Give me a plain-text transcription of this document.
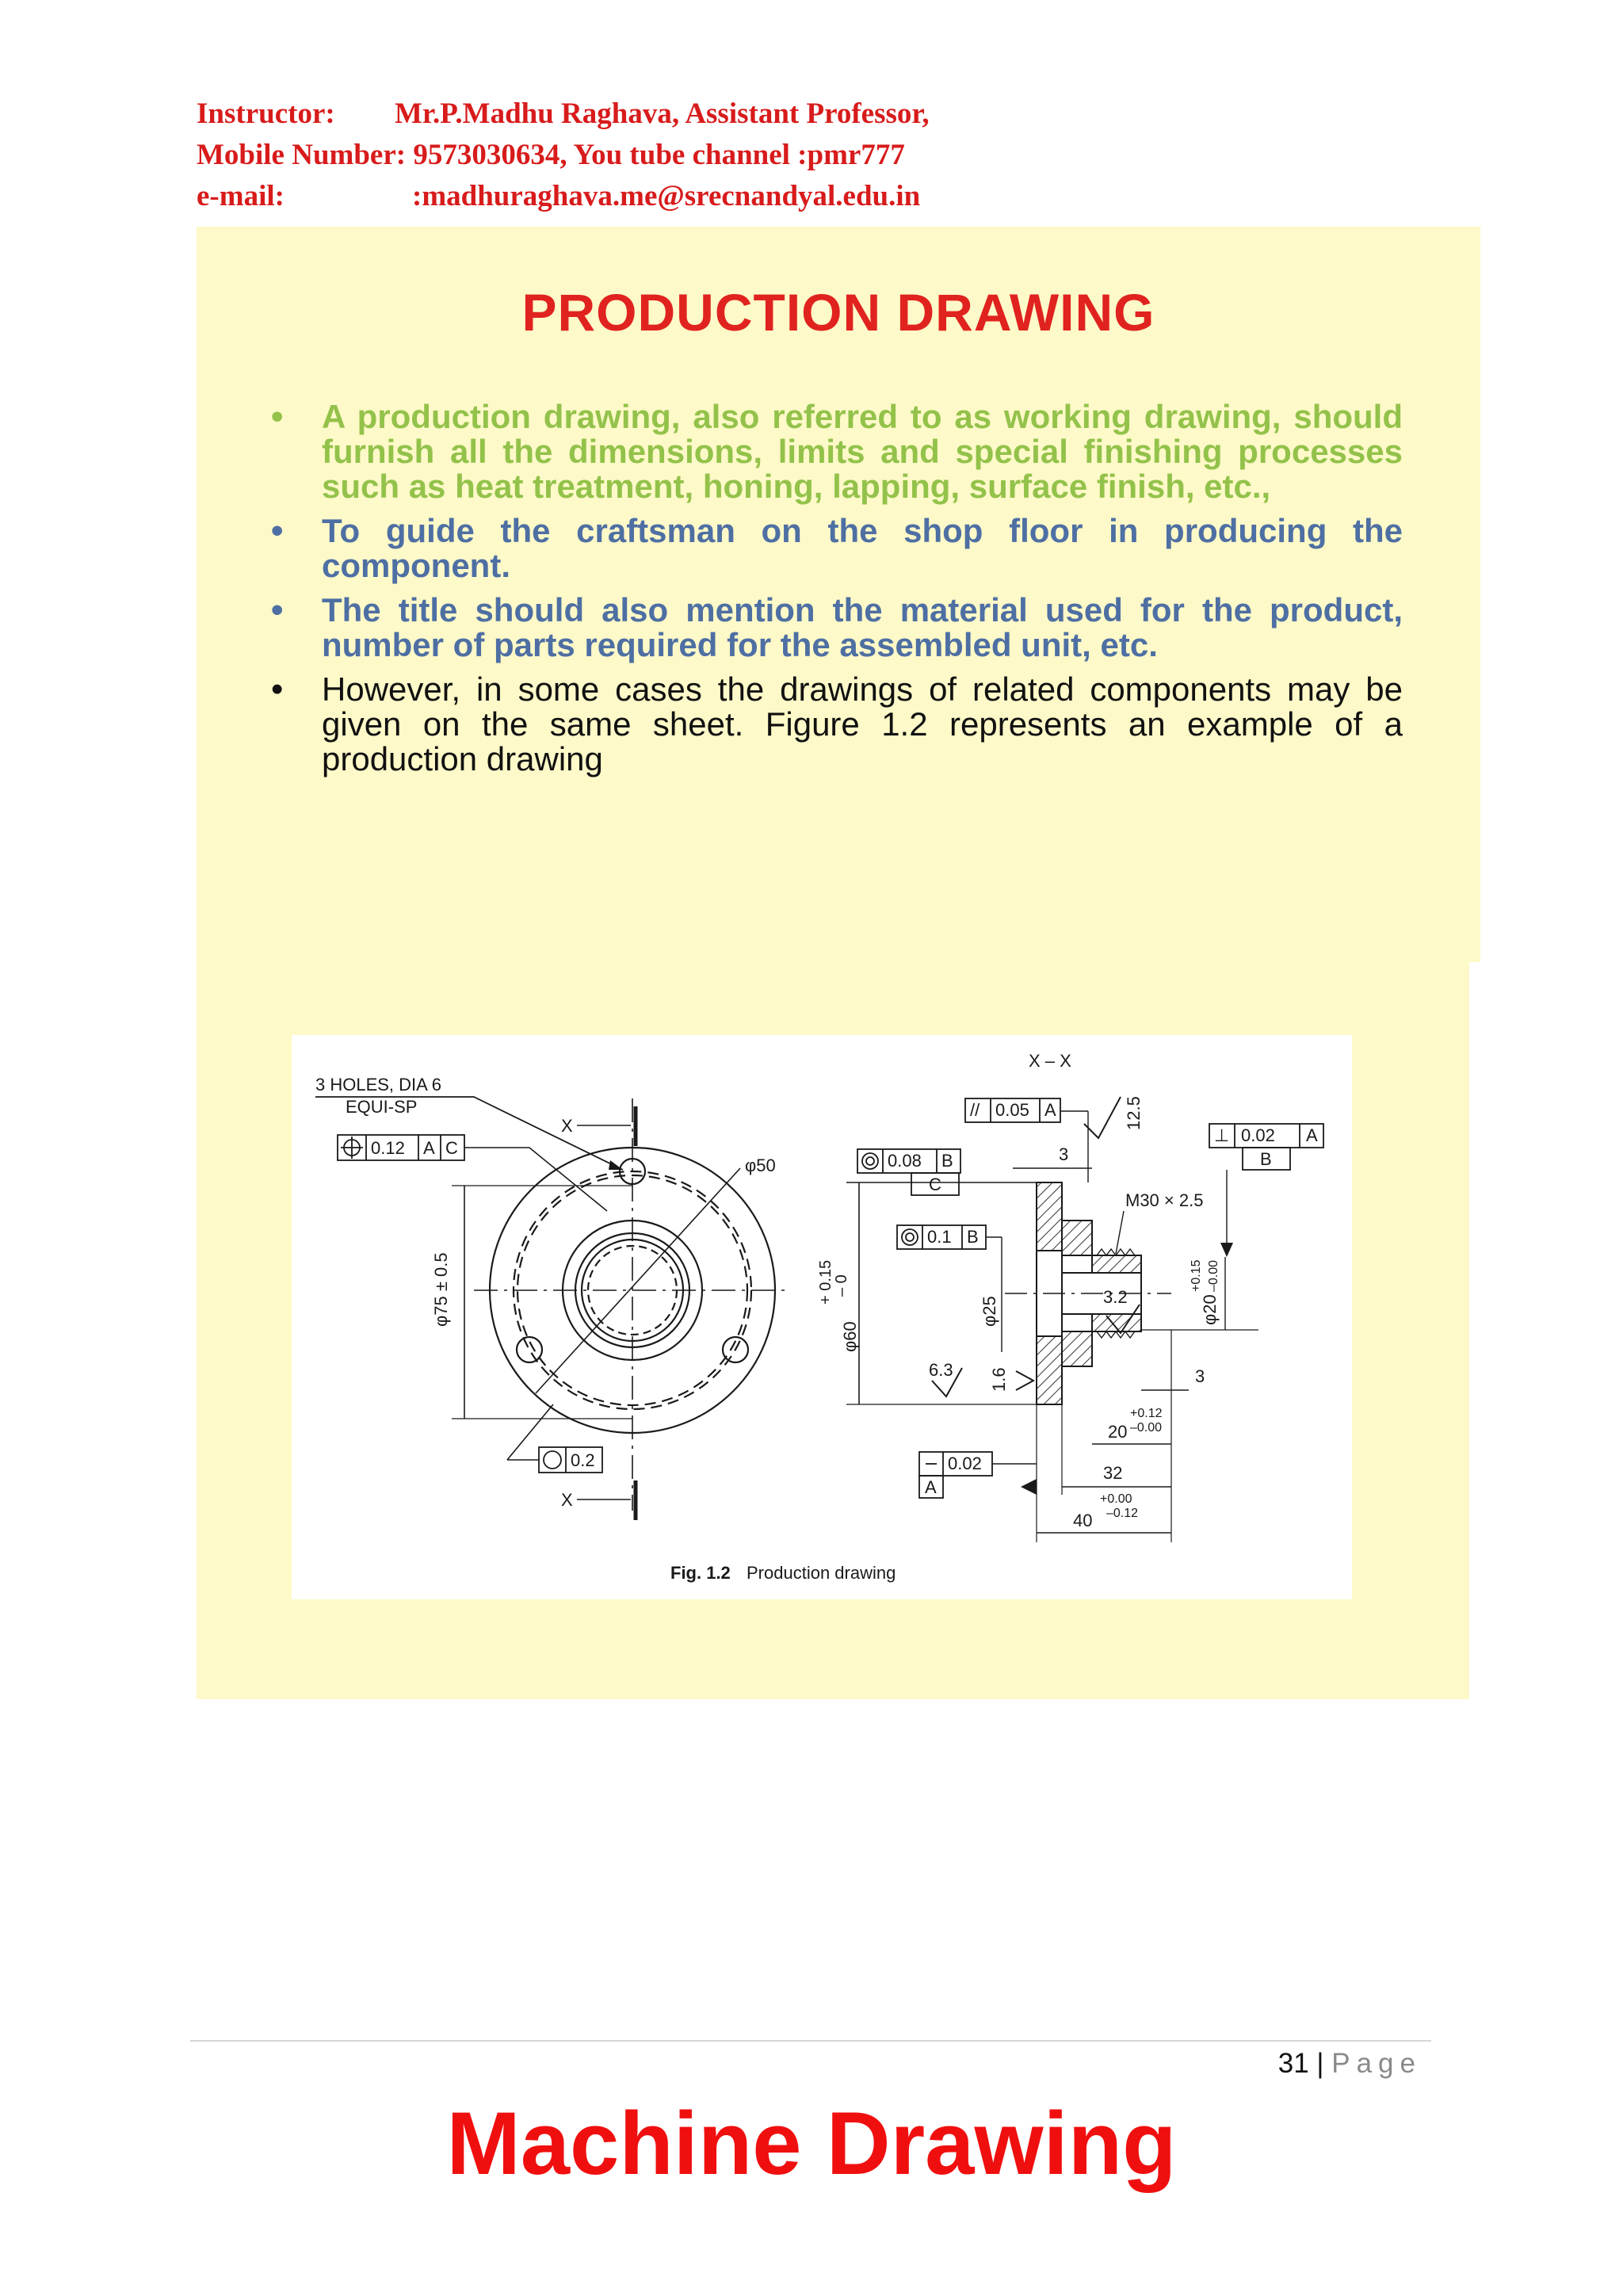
Instructor: Mr.P.Madhu Raghava, Assistant Professor,
Mobile Number: 9573030634, You tube channel :pmr777
e-mail:	:madhuraghava.me@srecnandyal.edu.in
PRODUCTION DRAWING
• A production drawing, also referred to as working drawing, should furnish all the dimensions, limits and special finishing processes such as heat treatment, honing, lapping, surface finish, etc.,
• To guide the craftsman on the shop floor in producing the component.
• The title should also mention the material used for the product, number of parts required for the assembled unit, etc.
• However, in some cases the drawings of related components may be given on the same sheet. Figure 1.2 represents an example of a production drawing
3 HOLES, DIA 6
EQUI-SP
0.12 A C
X
X
φ50
φ75 ± 0.5
0.2
X – X
// 0.05 A	12.5
⊥ 0.02 A
B
0.08 B
C
3
M30 × 2.5
0.1 B
φ60
+ 0.15
– 0
φ25	3.2	φ20
+0.15 –0.00
6.3 1.6	3
20
+0.12
–0.00
0.02
A
32
+0.00
–0.12
40
Fig. 1.2 Production drawing
31 | Page
Machine Drawing
